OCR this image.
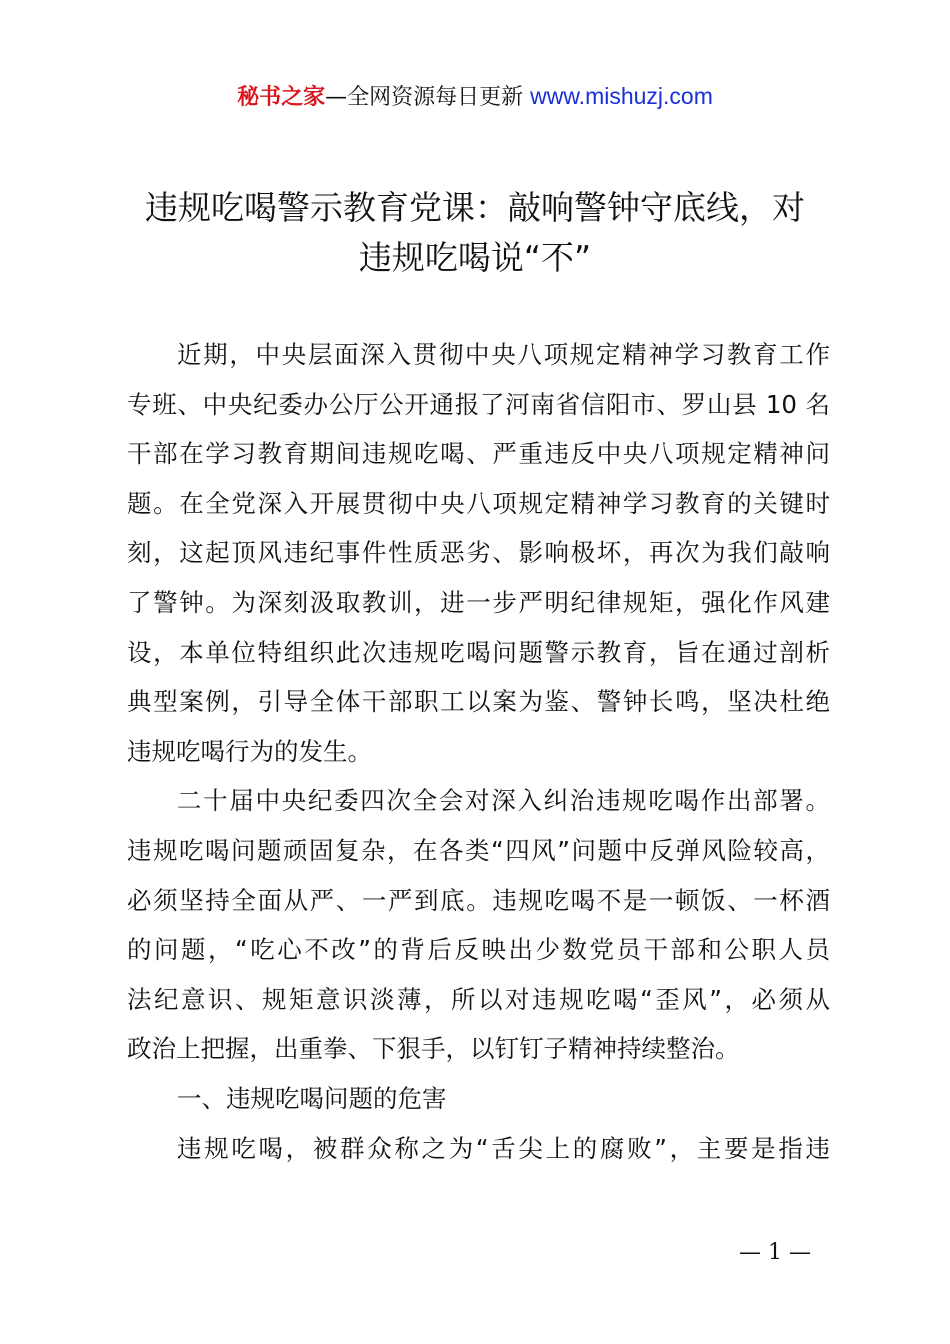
秘书之家—全网资源每日更新 www.mishuzj.com
违规吃喝警示教育党课：敲响警钟守底线，对
违规吃喝说“不”
近期，中央层面深入贯彻中央八项规定精神学习教育工作
专班、中央纪委办公厅公开通报了河南省信阳市、罗山县 10 名
干部在学习教育期间违规吃喝、严重违反中央八项规定精神问
题。在全党深入开展贯彻中央八项规定精神学习教育的关键时
刻，这起顶风违纪事件性质恶劣、影响极坏，再次为我们敲响
了警钟。为深刻汲取教训，进一步严明纪律规矩，强化作风建
设，本单位特组织此次违规吃喝问题警示教育，旨在通过剖析
典型案例，引导全体干部职工以案为鉴、警钟长鸣，坚决杜绝
违规吃喝行为的发生。
二十届中央纪委四次全会对深入纠治违规吃喝作出部署。
违规吃喝问题顽固复杂，在各类“四风”问题中反弹风险较高，
必须坚持全面从严、一严到底。违规吃喝不是一顿饭、一杯酒
的问题，“吃心不改”的背后反映出少数党员干部和公职人员
法纪意识、规矩意识淡薄，所以对违规吃喝“歪风”，必须从
政治上把握，出重拳、下狠手，以钉钉子精神持续整治。
一、违规吃喝问题的危害
违规吃喝，被群众称之为“舌尖上的腐败”，主要是指违
— 1 —
